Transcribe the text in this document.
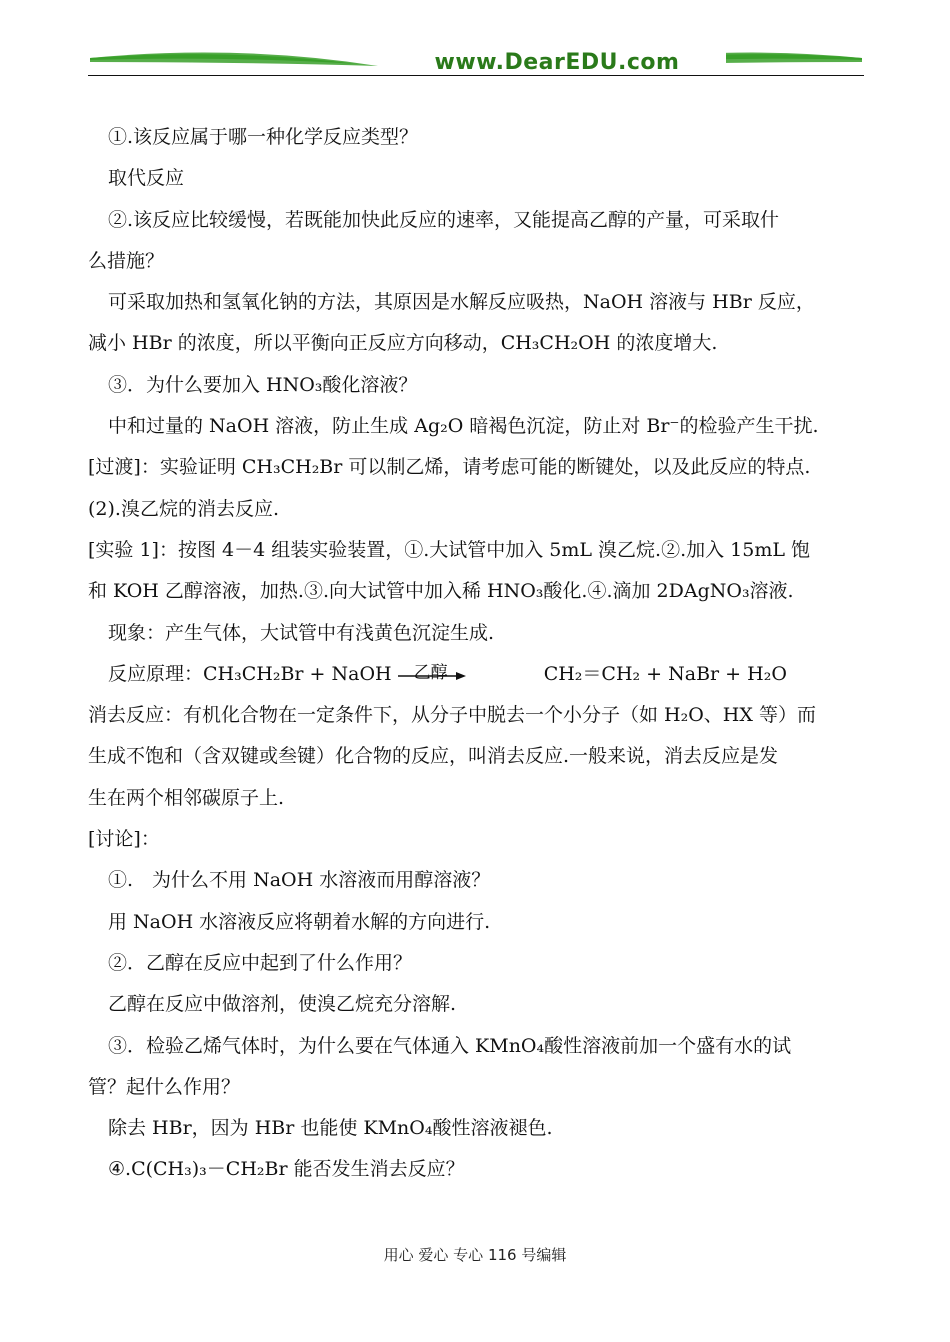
www.DearEDU.com
①.该反应属于哪一种化学反应类型？
取代反应
②.该反应比较缓慢，若既能加快此反应的速率，又能提高乙醇的产量，可采取什
么措施？
可采取加热和氢氧化钠的方法，其原因是水解反应吸热，NaOH 溶液与 HBr 反应，
减小 HBr 的浓度，所以平衡向正反应方向移动，CH₃CH₂OH 的浓度增大.
③．为什么要加入 HNO₃酸化溶液？
中和过量的 NaOH 溶液，防止生成 Ag₂O 暗褐色沉淀，防止对 Br⁻的检验产生干扰.
[过渡]：实验证明 CH₃CH₂Br 可以制乙烯，请考虑可能的断键处，以及此反应的特点.
(2).溴乙烷的消去反应.
[实验 1]：按图 4－4 组装实验装置，①.大试管中加入 5mL 溴乙烷.②.加入 15mL 饱
和 KOH 乙醇溶液，加热.③.向大试管中加入稀 HNO₃酸化.④.滴加 2DAgNO₃溶液.
现象：产生气体，大试管中有浅黄色沉淀生成.
反应原理：CH₃CH₂Br + NaOH 乙醇	CH₂＝CH₂ + NaBr + H₂O
消去反应：有机化合物在一定条件下，从分子中脱去一个小分子（如 H₂O、HX 等）而
生成不饱和（含双键或叁键）化合物的反应，叫消去反应.一般来说，消去反应是发
生在两个相邻碳原子上.
[讨论]：
①.　为什么不用 NaOH 水溶液而用醇溶液？
用 NaOH 水溶液反应将朝着水解的方向进行.
②．乙醇在反应中起到了什么作用？
乙醇在反应中做溶剂，使溴乙烷充分溶解.
③．检验乙烯气体时，为什么要在气体通入 KMnO₄酸性溶液前加一个盛有水的试
管？起什么作用？
除去 HBr，因为 HBr 也能使 KMnO₄酸性溶液褪色.
④.C(CH₃)₃－CH₂Br 能否发生消去反应？
用心 爱心 专心 116 号编辑
